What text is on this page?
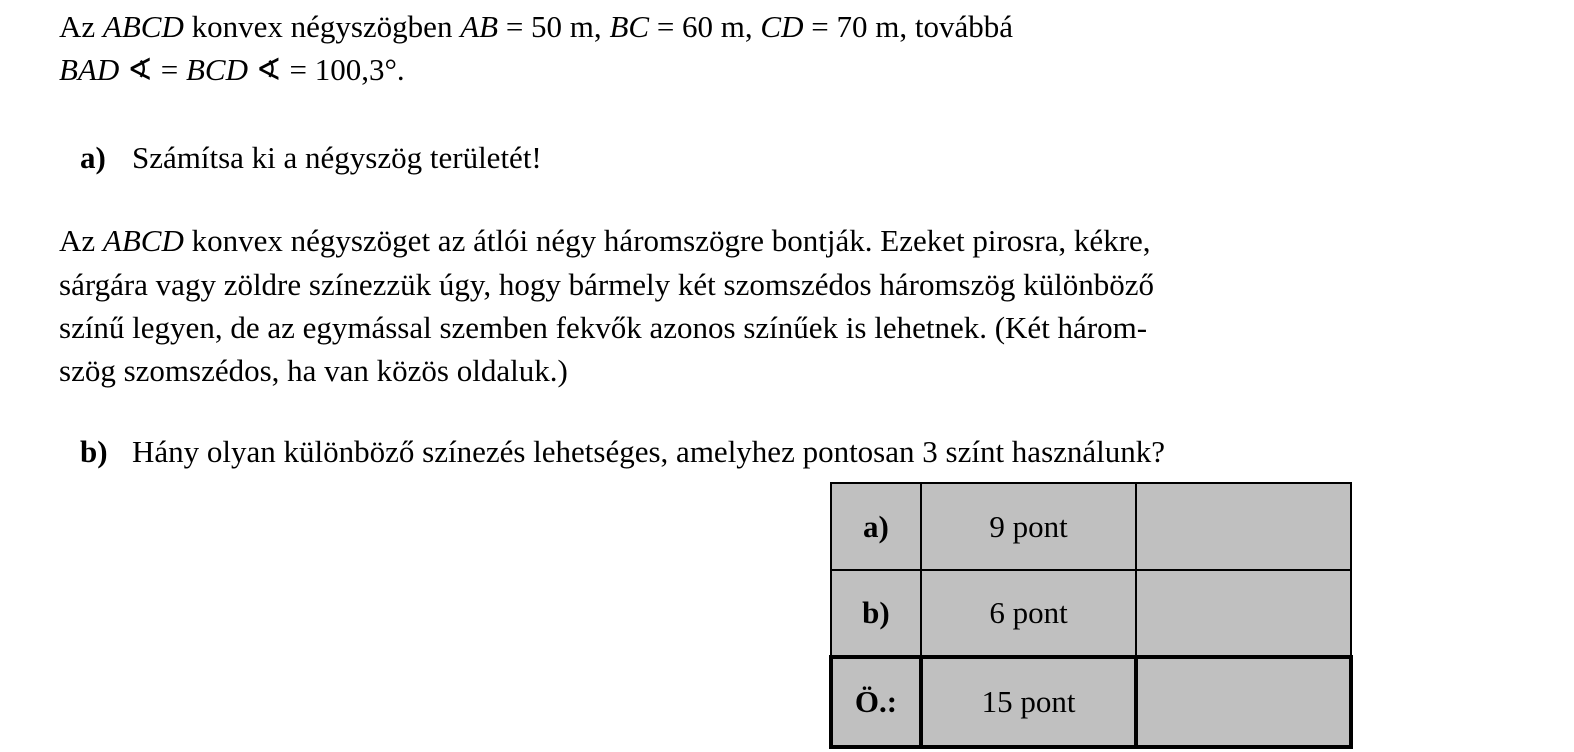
Az ABCD konvex négyszögben AB = 50 m, BC = 60 m, CD = 70 m, továbbá
BAD ∢ = BCD ∢ = 100,3°.
a) Számítsa ki a négyszög területét!
Az ABCD konvex négyszöget az átlói négy háromszögre bontják. Ezeket pirosra, kékre,
sárgára vagy zöldre színezzük úgy, hogy bármely két szomszédos háromszög különböző
színű legyen, de az egymással szemben fekvők azonos színűek is lehetnek. (Két három-
szög szomszédos, ha van közös oldaluk.)
b) Hány olyan különböző színezés lehetséges, amelyhez pontosan 3 színt használunk?
a)	9 pont	
b)	6 pont	
Ö.:	15 pont	
